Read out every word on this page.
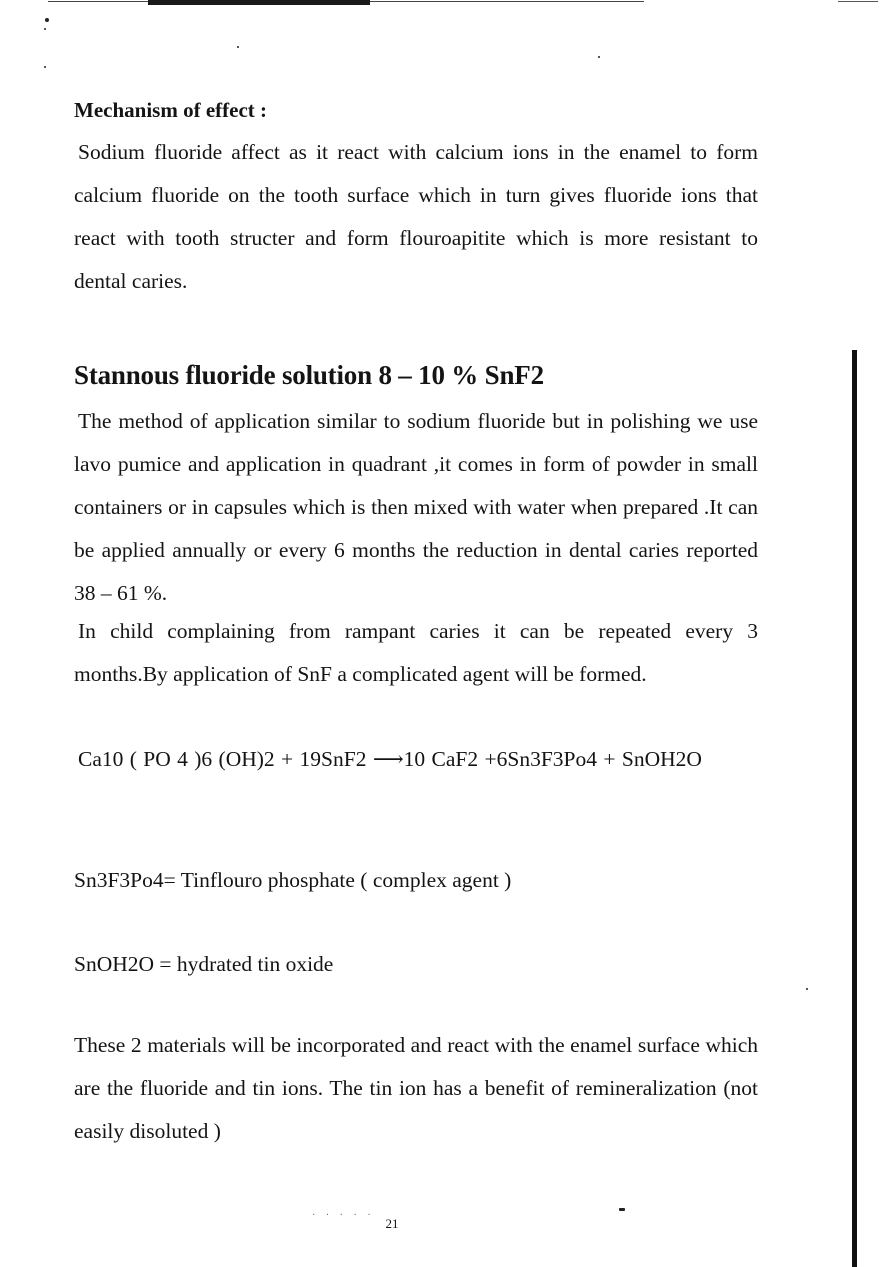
Mechanism of effect :

Sodium fluoride affect as it react with calcium ions in the enamel to form calcium fluoride on the tooth surface which in turn gives fluoride ions that react with tooth structer and form flouroapitite which is more resistant to dental caries.

Stannous fluoride solution 8 – 10 % SnF2

The method of application similar to sodium fluoride but in polishing we use lavo pumice and application in quadrant ,it comes in form of powder in small containers or in capsules which is then mixed with water when prepared .It can be applied annually or every 6 months the reduction in dental caries reported 38 – 61 %.

In child complaining from rampant caries it can be repeated every 3 months.By application of SnF a complicated agent will be formed.

Ca10 ( PO 4 )6 (OH)2 + 19SnF2 ⟶10 CaF2 +6Sn3F3Po4 + SnOH2O

Sn3F3Po4= Tinflouro phosphate ( complex agent )

SnOH2O = hydrated tin oxide

These 2 materials will be incorporated and react with the enamel surface which are the fluoride and tin ions. The tin ion has a benefit of remineralization (not easily disoluted )

· · · · ·
21
